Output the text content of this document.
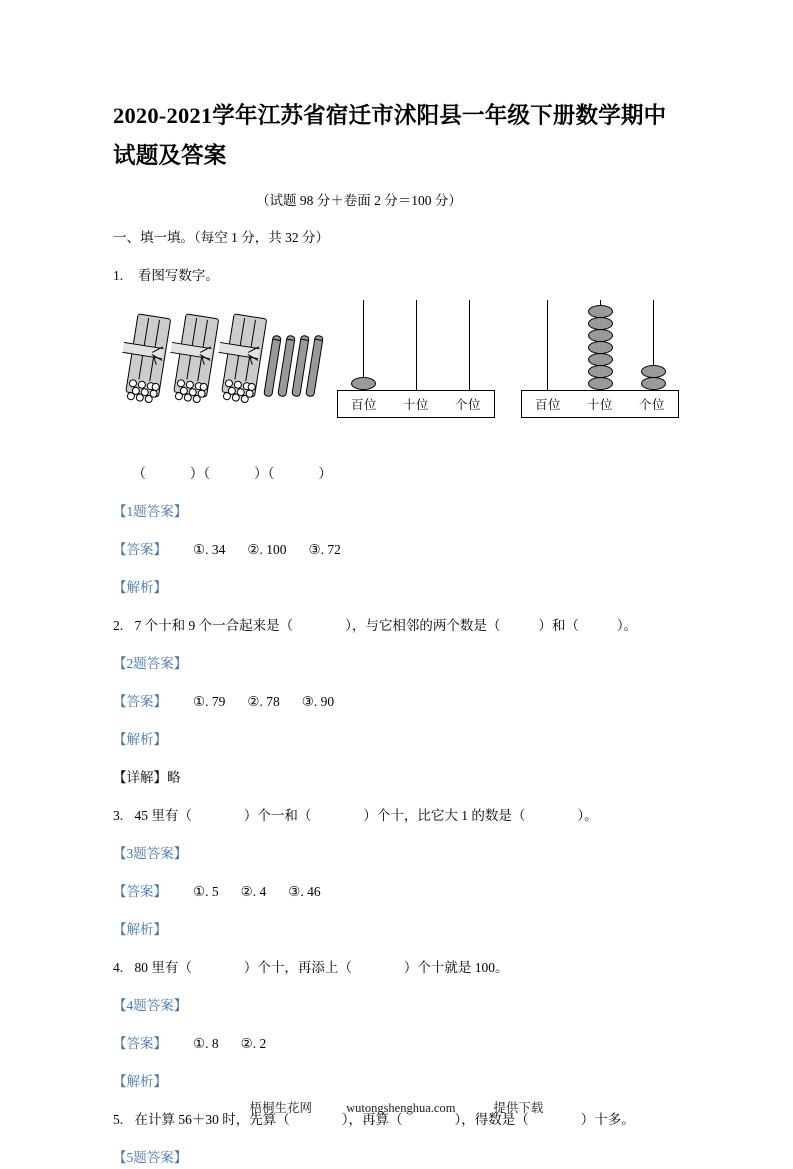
2020-2021学年江苏省宿迁市沭阳县一年级下册数学期中试题及答案
（试题 98 分＋卷面 2 分＝100 分）
一、填一填。（每空 1 分，共 32 分）
1. 看图写数字。
百位 十位 个位	百位 十位 个位
（	）（	）（	）
【1题答案】
【答案】 ①. 34 ②. 100 ③. 72
【解析】
2. 7 个十和 9 个一合起来是（	），与它相邻的两个数是（	）和（	）。
【2题答案】
【答案】 ①. 79 ②. 78 ③. 90
【解析】
【详解】略
3. 45 里有（	）个一和（	）个十，比它大 1 的数是（	）。
【3题答案】
【答案】 ①. 5 ②. 4 ③. 46
【解析】
4. 80 里有（	）个十，再添上（	）个十就是 100。
【4题答案】
【答案】 ①. 8 ②. 2
【解析】
5. 在计算 56＋30 时，先算（	），再算（	），得数是（	）十多。
【5题答案】
梧桐生花网	wutongshenghua.com	提供下载
